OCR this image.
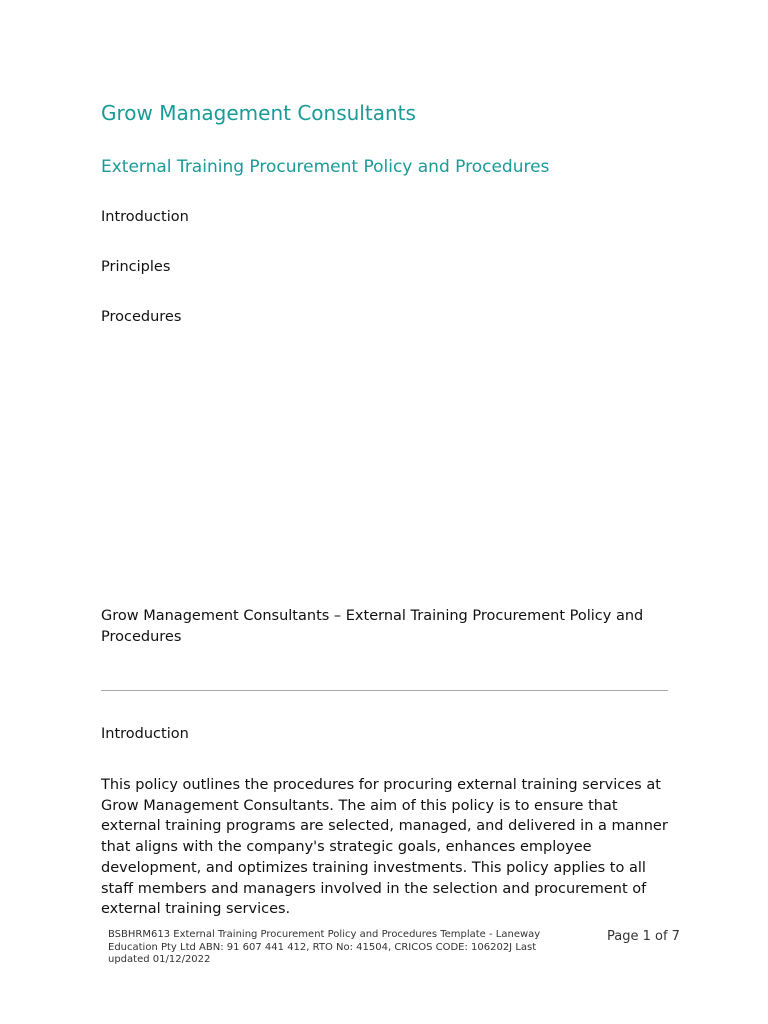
Grow Management Consultants
External Training Procurement Policy and Procedures

Introduction

Principles

Procedures

Grow Management Consultants – External Training Procurement Policy and Procedures

Introduction

This policy outlines the procedures for procuring external training services at Grow Management Consultants. The aim of this policy is to ensure that external training programs are selected, managed, and delivered in a manner that aligns with the company's strategic goals, enhances employee development, and optimizes training investments. This policy applies to all staff members and managers involved in the selection and procurement of external training services.

BSBHRM613 External Training Procurement Policy and Procedures Template - Laneway Education Pty Ltd ABN: 91 607 441 412, RTO No: 41504, CRICOS CODE: 106202J Last updated 01/12/2022

Page 1 of 7
